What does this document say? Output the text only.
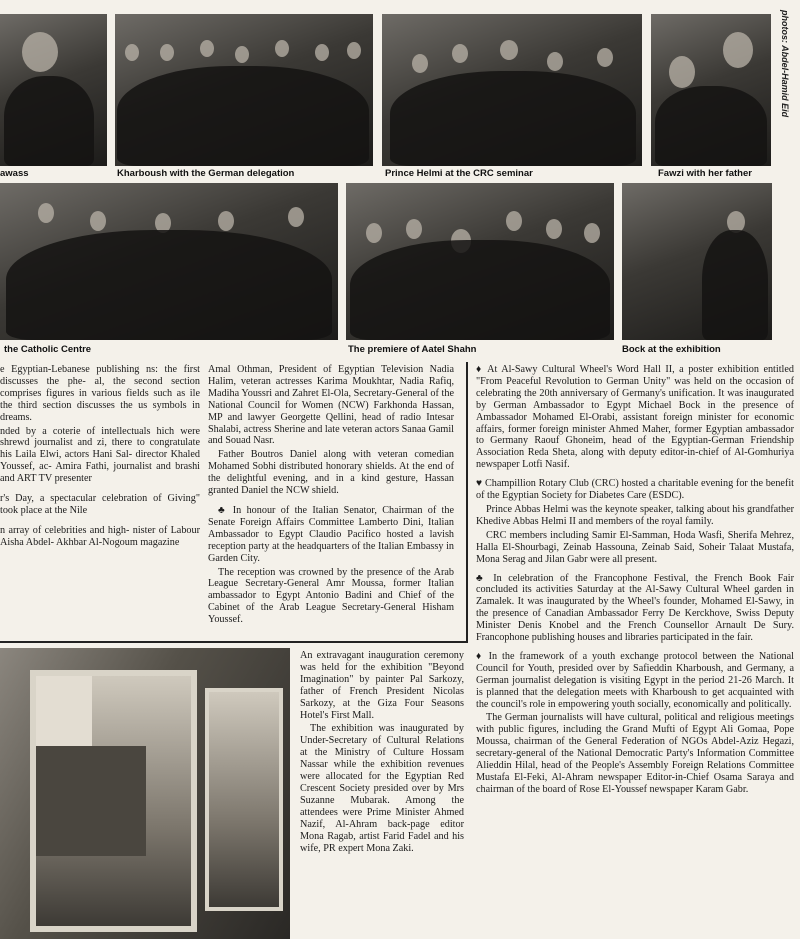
photos: Abdel-Hamid Eid
awass	Kharboush with the German delegation	Prince Helmi at the CRC seminar	Fawzi with her father
the Catholic Centre	The premiere of Aatel Shahn	Bock at the exhibition

e Egyptian-Lebanese publishing ns: the first discusses the phe- al, the second section comprises figures in various fields such as ile the third section discusses the us symbols in dreams.

nded by a coterie of intellectuals hich were shrewd journalist and zi, there to congratulate his Laila Elwi, actors Hani Sal- director Khaled Youssef, ac- Amira Fathi, journalist and brashi and ART TV presenter

r's Day, a spectacular celebration of Giving" took place at the Nile

n array of celebrities and high- nister of Labour Aisha Abdel- Akhbar Al-Nogoum magazine

Amal Othman, President of Egyptian Television Nadia Halim, veteran actresses Karima Moukhtar, Nadia Rafiq, Madiha Youssri and Zahret El-Ola, Secretary-General of the National Council for Women (NCW) Farkhonda Hassan, MP and lawyer Georgette Qellini, head of radio Intesar Shalabi, actress Sherine and late veteran actors Sanaa Gamil and Souad Nasr.

Father Boutros Daniel along with veteran comedian Mohamed Sobhi distributed honorary shields. At the end of the delightful evening, and in a kind gesture, Hassan granted Daniel the NCW shield.

♣ In honour of the Italian Senator, Chairman of the Senate Foreign Affairs Committee Lamberto Dini, Italian Ambassador to Egypt Claudio Pacifico hosted a lavish reception party at the headquarters of the Italian Embassy in Garden City.

The reception was crowned by the presence of the Arab League Secretary-General Amr Moussa, former Italian ambassador to Egypt Antonio Badini and Chief of the Cabinet of the Arab League Secretary-General Hisham Youssef.

♦ At Al-Sawy Cultural Wheel's Word Hall II, a poster exhibition entitled "From Peaceful Revolution to German Unity" was held on the occasion of celebrating the 20th anniversary of Germany's unification. It was inaugurated by German Ambassador to Egypt Michael Bock in the presence of Ambassador Mohamed El-Orabi, assistant foreign minister for economic affairs, former foreign minister Ahmed Maher, former Egyptian ambassador to Germany Raouf Ghoneim, head of the Egyptian-German Friendship Association Reda Sheta, along with deputy editor-in-chief of Al-Gomhuriya newspaper Lotfi Nasif.

♥ Champillion Rotary Club (CRC) hosted a charitable evening for the benefit of the Egyptian Society for Diabetes Care (ESDC).

Prince Abbas Helmi was the keynote speaker, talking about his grandfather Khedive Abbas Helmi II and members of the royal family.

CRC members including Samir El-Samman, Hoda Wasfi, Sherifa Mehrez, Halla El-Shourbagi, Zeinab Hassouna, Zeinab Said, Soheir Talaat Mustafa, Mona Serag and Jilan Gabr were all present.

♣ In celebration of the Francophone Festival, the French Book Fair concluded its activities Saturday at the Al-Sawy Cultural Wheel garden in Zamalek. It was inaugurated by the Wheel's founder, Mohamed El-Sawy, in the presence of Canadian Ambassador Ferry De Kerckhove, Swiss Deputy Minister Denis Knobel and the French Counsellor Arnault De Sury. Francophone publishing houses and libraries participated in the fair.

♦ In the framework of a youth exchange protocol between the National Council for Youth, presided over by Safieddin Kharboush, and Germany, a German journalist delegation is visiting Egypt in the period 21-26 March. It is planned that the delegation meets with Kharboush to get acquainted with the council's role in empowering youth socially, economically and politically.

The German journalists will have cultural, political and religious meetings with public figures, including the Grand Mufti of Egypt Ali Gomaa, Pope Moussa, chairman of the General Federation of NGOs Abdel-Aziz Hegazi, secretary-general of the National Democratic Party's Information Committee Alieddin Hilal, head of the People's Assembly Foreign Relations Committee Mustafa El-Feki, Al-Ahram newspaper Editor-in-Chief Osama Saraya and chairman of the board of Rose El-Youssef newspaper Karam Gabr.

An extravagant inauguration ceremony was held for the exhibition "Beyond Imagination" by painter Pal Sarkozy, father of French President Nicolas Sarkozy, at the Giza Four Seasons Hotel's First Mall.

The exhibition was inaugurated by Under-Secretary of Cultural Relations at the Ministry of Culture Hossam Nassar while the exhibition revenues were allocated for the Egyptian Red Crescent Society presided over by Mrs Suzanne Mubarak. Among the attendees were Prime Minister Ahmed Nazif, Al-Ahram back-page editor Mona Ragab, artist Farid Fadel and his wife, PR expert Mona Zaki.
